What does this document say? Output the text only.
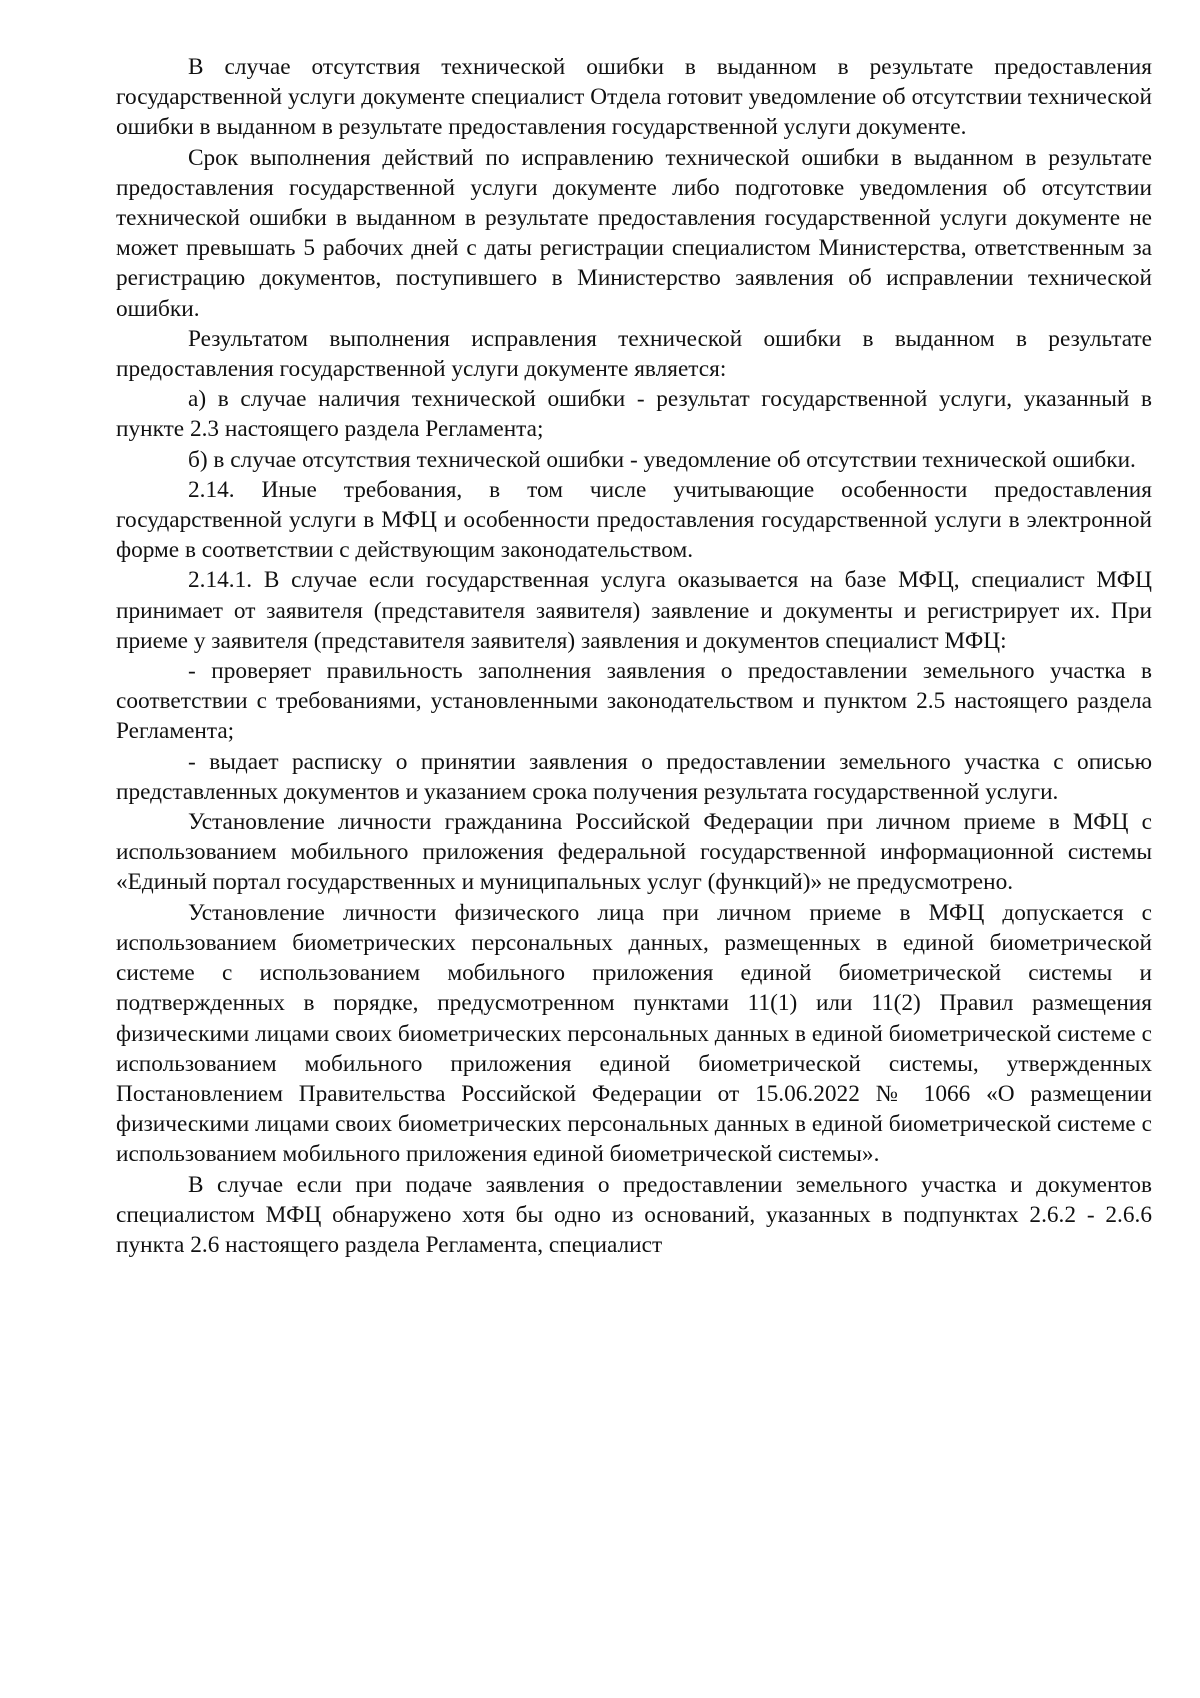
В случае отсутствия технической ошибки в выданном в результате предоставления государственной услуги документе специалист Отдела готовит уведомление об отсутствии технической ошибки в выданном в результате предоставления государственной услуги документе.

Срок выполнения действий по исправлению технической ошибки в выданном в результате предоставления государственной услуги документе либо подготовке уведомления об отсутствии технической ошибки в выданном в результате предоставления государственной услуги документе не может превышать 5 рабочих дней с даты регистрации специалистом Министерства, ответственным за регистрацию документов, поступившего в Министерство заявления об исправлении технической ошибки.

Результатом выполнения исправления технической ошибки в выданном в результате предоставления государственной услуги документе является:

а) в случае наличия технической ошибки - результат государственной услуги, указанный в пункте 2.3 настоящего раздела Регламента;

б) в случае отсутствия технической ошибки - уведомление об отсутствии технической ошибки.

2.14. Иные требования, в том числе учитывающие особенности предоставления государственной услуги в МФЦ и особенности предоставления государственной услуги в электронной форме в соответствии с действующим законодательством.

2.14.1. В случае если государственная услуга оказывается на базе МФЦ, специалист МФЦ принимает от заявителя (представителя заявителя) заявление и документы и регистрирует их. При приеме у заявителя (представителя заявителя) заявления и документов специалист МФЦ:

- проверяет правильность заполнения заявления о предоставлении земельного участка в соответствии с требованиями, установленными законодательством и пунктом 2.5 настоящего раздела Регламента;

- выдает расписку о принятии заявления о предоставлении земельного участка с описью представленных документов и указанием срока получения результата государственной услуги.

Установление личности гражданина Российской Федерации при личном приеме в МФЦ с использованием мобильного приложения федеральной государственной информационной системы «Единый портал государственных и муниципальных услуг (функций)» не предусмотрено.

Установление личности физического лица при личном приеме в МФЦ допускается с использованием биометрических персональных данных, размещенных в единой биометрической системе с использованием мобильного приложения единой биометрической системы и подтвержденных в порядке, предусмотренном пунктами 11(1) или 11(2) Правил размещения физическими лицами своих биометрических персональных данных в единой биометрической системе с использованием мобильного приложения единой биометрической системы, утвержденных Постановлением Правительства Российской Федерации от 15.06.2022 № 1066 «О размещении физическими лицами своих биометрических персональных данных в единой биометрической системе с использованием мобильного приложения единой биометрической системы».

В случае если при подаче заявления о предоставлении земельного участка и документов специалистом МФЦ обнаружено хотя бы одно из оснований, указанных в подпунктах 2.6.2 - 2.6.6 пункта 2.6 настоящего раздела Регламента, специалист
